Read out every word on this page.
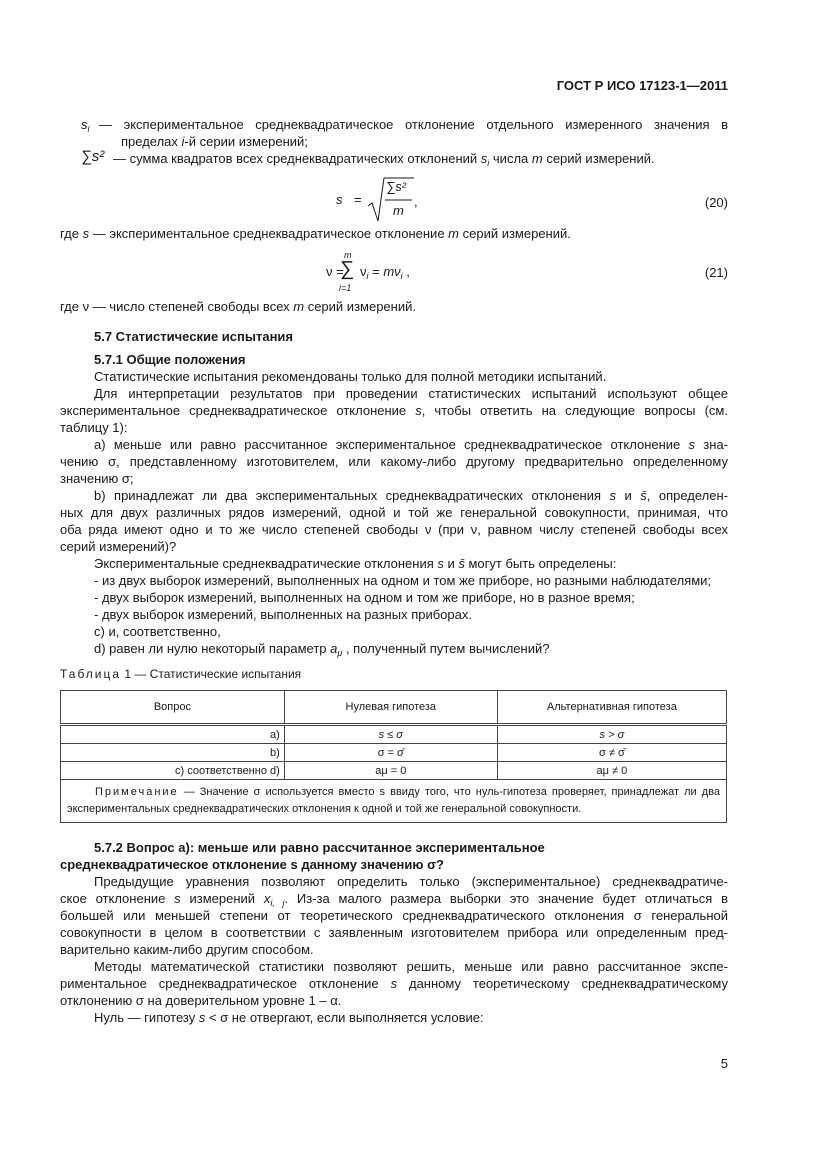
ГОСТ Р ИСО 17123-1—2011
$s_i$ — экспериментальное среднеквадратическое отклонение отдельного измеренного значения в
пределах i-й серии измерений;
∑s² — сумма квадратов всех среднеквадратических отклонений $s_i$ числа m серий измерений.
s =
∑s²
m
,	(20)
где s — экспериментальное среднеквадратическое отклонение m серий измерений.
ν =
m
∑
i=1
$\nu_i = m\nu_i$ ,	(21)
где ν — число степеней свободы всех m серий измерений.
5.7 Статистические испытания
5.7.1 Общие положения
Статистические испытания рекомендованы только для полной методики испытаний.
Для интерпретации результатов при проведении статистических испытаний используют общее
экспериментальное среднеквадратическое отклонение s, чтобы ответить на следующие вопросы (см.
таблицу 1):
a) меньше или равно рассчитанное экспериментальное среднеквадратическое отклонение s зна-
чению σ, представленному изготовителем, или какому-либо другому предварительно определенному
значению σ;
b) принадлежат ли два экспериментальных среднеквадратических отклонения s и s̄, определен-
ных для двух различных рядов измерений, одной и той же генеральной совокупности, принимая, что
оба ряда имеют одно и то же число степеней свободы ν (при ν, равном числу степеней свободы всех
серий измерений)?
Экспериментальные среднеквадратические отклонения s и s̄ могут быть определены:
- из двух выборок измерений, выполненных на одном и том же приборе, но разными наблюдателями;
- двух выборок измерений, выполненных на одном и том же приборе, но в разное время;
- двух выборок измерений, выполненных на разных приборах.
c) и, соответственно,
d) равен ли нулю некоторый параметр $a_\mu$ , полученный путем вычислений?
Таблица 1 — Статистические испытания
Вопрос	Нулевая гипотеза	Альтернативная гипотеза
a)	s ≤ σ	s > σ
b)	σ = σ̄	σ ≠ σ̄
c) соответственно d)	aμ = 0	aμ ≠ 0
Примечание — Значение σ используется вместо s ввиду того, что нуль-гипотеза проверяет, принадлежат ли два экспериментальных среднеквадратических отклонения к одной и той же генеральной совокупности.		
5.7.2 Вопрос а): меньше или равно рассчитанное экспериментальное
среднеквадратическое отклонение s данному значению σ?
Предыдущие уравнения позволяют определить только (экспериментальное) среднеквадратиче-
ское отклонение s измерений $x_{i, j}$. Из-за малого размера выборки это значение будет отличаться в
большей или меньшей степени от теоретического среднеквадратического отклонения σ генеральной
совокупности в целом в соответствии с заявленным изготовителем прибора или определенным пред-
варительно каким-либо другим способом.
Методы математической статистики позволяют решить, меньше или равно рассчитанное экспе-
риментальное среднеквадратическое отклонение s данному теоретическому среднеквадратическому
отклонению σ на доверительном уровне 1 – α.
Нуль — гипотезу s < σ не отвергают, если выполняется условие:
5
